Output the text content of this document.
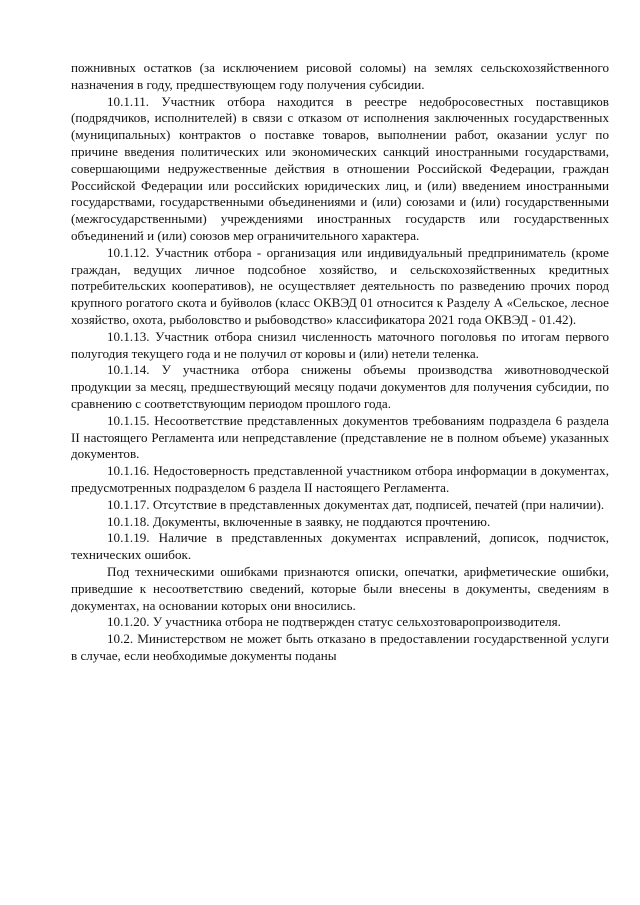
пожнивных остатков (за исключением рисовой соломы) на землях сельскохозяйственного назначения в году, предшествующем году получения субсидии.

10.1.11. Участник отбора находится в реестре недобросовестных поставщиков (подрядчиков, исполнителей) в связи с отказом от исполнения заключенных государственных (муниципальных) контрактов о поставке товаров, выполнении работ, оказании услуг по причине введения политических или экономических санкций иностранными государствами, совершающими недружественные действия в отношении Российской Федерации, граждан Российской Федерации или российских юридических лиц, и (или) введением иностранными государствами, государственными объединениями и (или) союзами и (или) государственными (межгосударственными) учреждениями иностранных государств или государственных объединений и (или) союзов мер ограничительного характера.

10.1.12. Участник отбора - организация или индивидуальный предприниматель (кроме граждан, ведущих личное подсобное хозяйство, и сельскохозяйственных кредитных потребительских кооперативов), не осуществляет деятельность по разведению прочих пород крупного рогатого скота и буйволов (класс ОКВЭД 01 относится к Разделу А «Сельское, лесное хозяйство, охота, рыболовство и рыбоводство» классификатора 2021 года ОКВЭД - 01.42).

10.1.13. Участник отбора снизил численность маточного поголовья по итогам первого полугодия текущего года и не получил от коровы и (или) нетели теленка.

10.1.14. У участника отбора снижены объемы производства животноводческой продукции за месяц, предшествующий месяцу подачи документов для получения субсидии, по сравнению с соответствующим периодом прошлого года.

10.1.15. Несоответствие представленных документов требованиям подраздела 6 раздела II настоящего Регламента или непредставление (представление не в полном объеме) указанных документов.

10.1.16. Недостоверность представленной участником отбора информации в документах, предусмотренных подразделом 6 раздела II настоящего Регламента.

10.1.17. Отсутствие в представленных документах дат, подписей, печатей (при наличии).

10.1.18. Документы, включенные в заявку, не поддаются прочтению.

10.1.19. Наличие в представленных документах исправлений, дописок, подчисток, технических ошибок.

Под техническими ошибками признаются описки, опечатки, арифметические ошибки, приведшие к несоответствию сведений, которые были внесены в документы, сведениям в документах, на основании которых они вносились.

10.1.20. У участника отбора не подтвержден статус сельхозтоваропроизводителя.

10.2. Министерством не может быть отказано в предоставлении государственной услуги в случае, если необходимые документы поданы
